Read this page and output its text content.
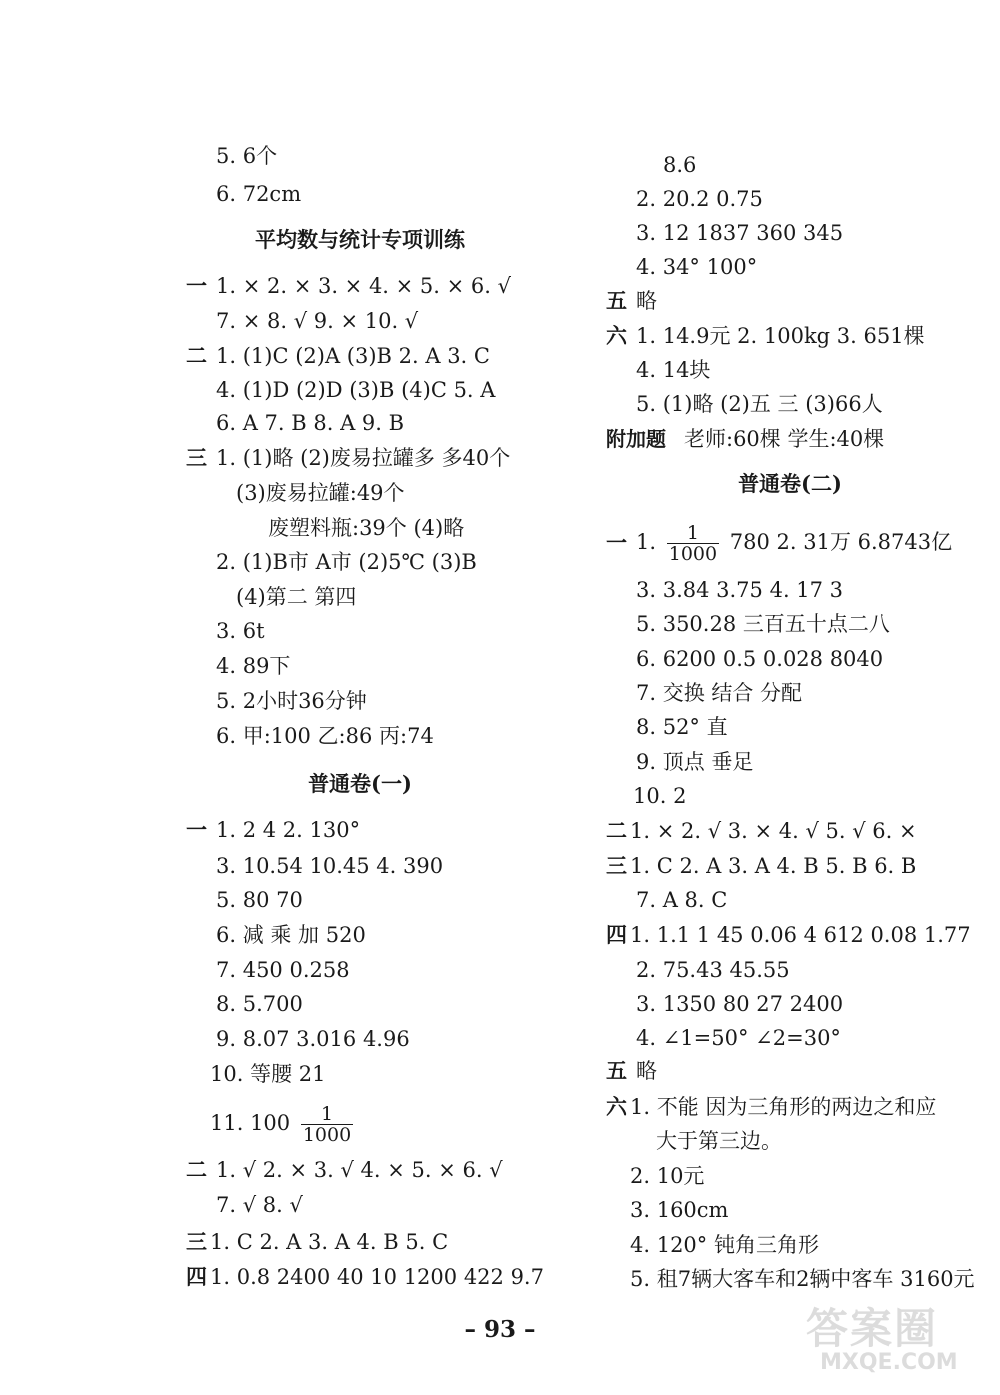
5. 6个
6. 72cm
平均数与统计专项训练
一 1. × 2. × 3. × 4. × 5. × 6. √
7. × 8. √ 9. × 10. √
二 1. (1)C (2)A (3)B 2. A 3. C
4. (1)D (2)D (3)B (4)C 5. A
6. A 7. B 8. A 9. B
三 1. (1)略 (2)废易拉罐多 多40个
(3)废易拉罐:49个
废塑料瓶:39个 (4)略
2. (1)B市 A市 (2)5℃ (3)B
(4)第二 第四
3. 6t
4. 89下
5. 2小时36分钟
6. 甲:100 乙:86 丙:74
普通卷(一)
一 1. 2 4 2. 130°
3. 10.54 10.45 4. 390
5. 80 70
6. 减 乘 加 520
7. 450 0.258
8. 5.700
9. 8.07 3.016 4.96
10. 等腰 21
11. $100 \frac{1}{1000}$
二 1. √ 2. × 3. √ 4. × 5. × 6. √
7. √ 8. √
三 1. C 2. A 3. A 4. B 5. C
四 1. 0.8 2400 40 10 1200 422 9.7
8.6
2. 20.2 0.75
3. 12 1837 360 345
4. 34° 100°
五 略
六 1. 14.9元 2. 100kg 3. 651棵
4. 14块
5. (1)略 (2)五 三 (3)66人
附加题 老师:60棵 学生:40棵
普通卷(二)
一 1. $\frac{1}{1000} 780$ 2. 31万 6.8743亿
3. 3.84 3.75 4. 17 3
5. 350.28 三百五十点二八
6. 6200 0.5 0.028 8040
7. 交换 结合 分配
8. 52° 直
9. 顶点 垂足
10. 2
二 1. × 2. √ 3. × 4. √ 5. √ 6. ×
三 1. C 2. A 3. A 4. B 5. B 6. B
7. A 8. C
四 1. 1.1 1 45 0.06 4 612 0.08 1.77
2. 75.43 45.55
3. 1350 80 27 2400
4. ∠1=50° ∠2=30°
五 略
六 1. 不能 因为三角形的两边之和应
大于第三边。
2. 10元
3. 160cm
4. 120° 钝角三角形
5. 租7辆大客车和2辆中客车 3160元
– 93 –	答案圈
MXQE.COM
